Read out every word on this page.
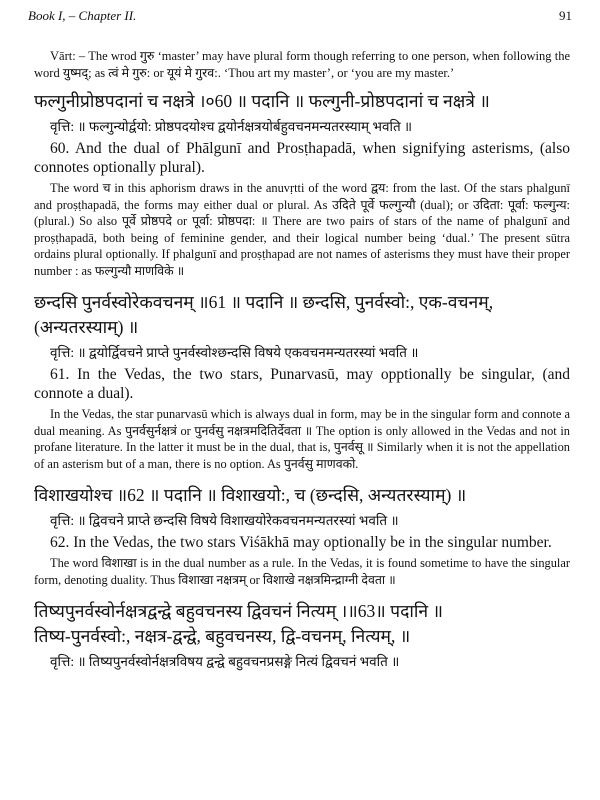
Book I, – Chapter II.	91

Vārt: – The wrod गुरु ‘master’ may have plural form though referring to one person, when following the word युष्मद्; as त्वं मे गुरु: or यूयं मे गुरव:. ‘Thou art my master’, or ‘you are my master.’

फल्गुनीप्रोष्ठपदानां च नक्षत्रे ।०60 ॥ पदानि ॥ फल्गुनी-प्रोष्ठपदानां च नक्षत्रे ॥
वृत्ति: ॥ फल्गुन्योर्द्वयो: प्रोष्ठपदयोश्च द्वयोर्नक्षत्रयोर्बहुवचनमन्यतरस्याम् भवति ॥

60. And the dual of Phālgunī and Prosṭhapadā, when signifying asterisms, (also connotes optionally plural).

The word च in this aphorism draws in the anuvṛtti of the word द्वय: from the last. Of the stars phalgunī and proṣṭhapadā, the forms may either dual or plural. As उदिते पूर्वे फल्गुन्यौ (dual); or उदिता: पूर्वा: फल्गुन्य: (plural.) So also पूर्वे प्रोष्ठपदे or पूर्वा: प्रोष्ठपदा: ॥ There are two pairs of stars of the name of phalgunī and proṣṭhapadā, both being of feminine gender, and their logical number being ‘dual.’ The present sūtra ordains plural optionally. If phalgunī and proṣṭhapad are not names of asterisms they must have their proper number : as फल्गुन्यौ माणविके ॥

छन्दसि पुनर्वस्वोरेकवचनम् ॥61 ॥ पदानि ॥ छन्दसि, पुनर्वस्वो:, एक-वचनम्,
(अन्यतरस्याम्) ॥
वृत्ति: ॥ द्वयोर्द्विवचने प्राप्ते पुनर्वस्वोश्छन्दसि विषये एकवचनमन्यतरस्यां भवति ॥

61. In the Vedas, the two stars, Punarvasū, may opptionally be singular, (and connote a dual).

In the Vedas, the star punarvasū which is always dual in form, may be in the singular form and connote a dual meaning. As पुनर्वसुर्नक्षत्रं or पुनर्वसु नक्षत्रमदितिर्देवता ॥ The option is only allowed in the Vedas and not in profane literature. In the latter it must be in the dual, that is, पुनर्वसू ॥ Similarly when it is not the appellation of an asterism but of a man, there is no option. As पुनर्वसु माणवको.

विशाखयोश्च ॥62 ॥ पदानि ॥ विशाखयो:, च (छन्दसि, अन्यतरस्याम्) ॥
वृत्ति: ॥ द्विवचने प्राप्ते छन्दसि विषये विशाखयोरेकवचनमन्यतरस्यां भवति ॥

62. In the Vedas, the two stars Viśākhā may optionally be in the singular number.

The word विशाखा is in the dual number as a rule. In the Vedas, it is found sometime to have the singular form, denoting duality. Thus विशाखा नक्षत्रम् or विशाखे नक्षत्रमिन्द्राग्नी देवता ॥

तिष्यपुनर्वस्वोर्नक्षत्रद्वन्द्वे बहुवचनस्य द्विवचनं नित्यम् ।॥63॥ पदानि ॥
तिष्य-पुनर्वस्वो:, नक्षत्र-द्वन्द्वे, बहुवचनस्य, द्वि-वचनम्, नित्यम्, ॥
वृत्ति: ॥ तिष्यपुनर्वस्वोर्नक्षत्रविषय द्वन्द्वे बहुवचनप्रसङ्गे नित्यं द्विवचनं भवति ॥
